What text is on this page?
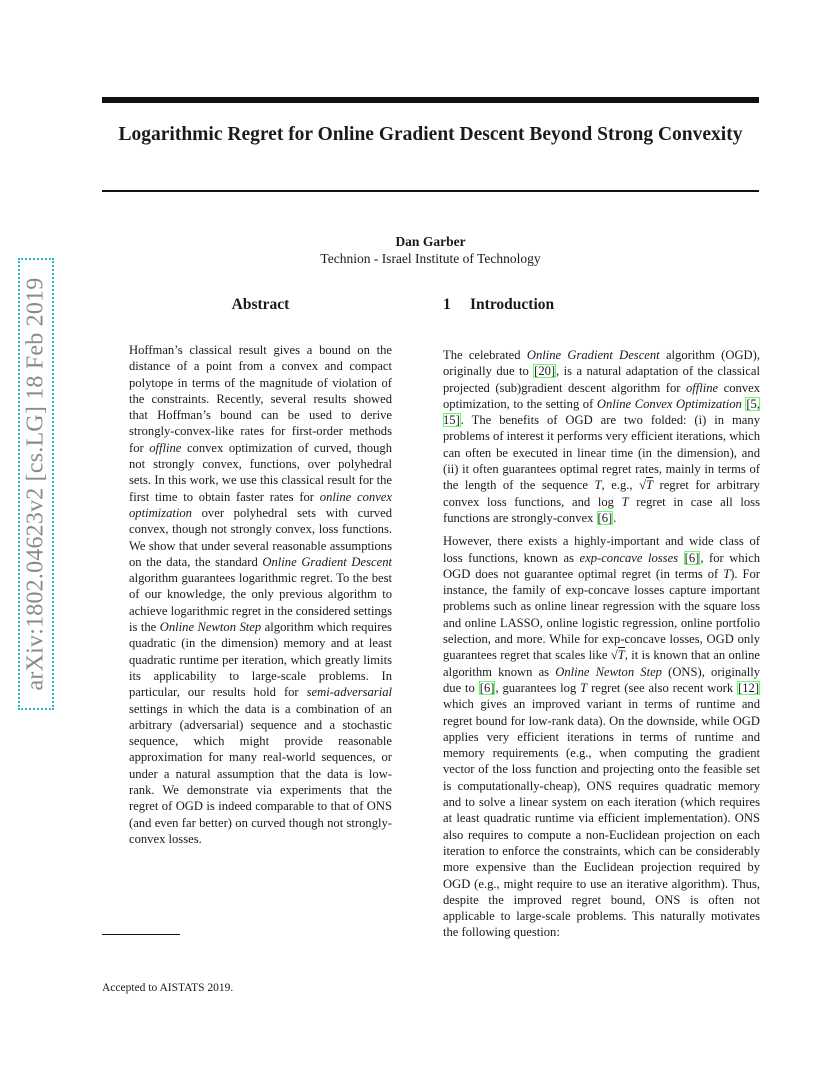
Logarithmic Regret for Online Gradient Descent Beyond Strong Convexity
Dan Garber
Technion - Israel Institute of Technology
arXiv:1802.04623v2 [cs.LG] 18 Feb 2019	Abstract
Hoffman’s classical result gives a bound on the distance of a point from a convex and compact polytope in terms of the magnitude of violation of the constraints. Recently, several results showed that Hoffman’s bound can be used to derive strongly-convex-like rates for first-order methods for offline convex optimization of curved, though not strongly convex, functions, over polyhedral sets. In this work, we use this classical result for the first time to obtain faster rates for online convex optimization over polyhedral sets with curved convex, though not strongly convex, loss functions. We show that under several reasonable assumptions on the data, the standard Online Gradient Descent algorithm guarantees logarithmic regret. To the best of our knowledge, the only previous algorithm to achieve logarithmic regret in the considered settings is the Online Newton Step algorithm which requires quadratic (in the dimension) memory and at least quadratic runtime per iteration, which greatly limits its applicability to large-scale problems. In particular, our results hold for semi-adversarial settings in which the data is a combination of an arbitrary (adversarial) sequence and a stochastic sequence, which might provide reasonable approximation for many real-world sequences, or under a natural assumption that the data is low-rank. We demonstrate via experiments that the regret of OGD is indeed comparable to that of ONS (and even far better) on curved though not strongly-convex losses.
Accepted to AISTATS 2019.
1 Introduction

The celebrated Online Gradient Descent algorithm (OGD), originally due to [20], is a natural adaptation of the classical projected (sub)gradient descent algorithm for offline convex optimization, to the setting of Online Convex Optimization [5, 15]. The benefits of OGD are two folded: (i) in many problems of interest it performs very efficient iterations, which can often be executed in linear time (in the dimension), and (ii) it often guarantees optimal regret rates, mainly in terms of the length of the sequence T, e.g., √T regret for arbitrary convex loss functions, and log T regret in case all loss functions are strongly-convex [6].

However, there exists a highly-important and wide class of loss functions, known as exp-concave losses [6], for which OGD does not guarantee optimal regret (in terms of T). For instance, the family of exp-concave losses capture important problems such as online linear regression with the square loss and online LASSO, online logistic regression, online portfolio selection, and more. While for exp-concave losses, OGD only guarantees regret that scales like √T, it is known that an online algorithm known as Online Newton Step (ONS), originally due to [6], guarantees log T regret (see also recent work [12] which gives an improved variant in terms of runtime and regret bound for low-rank data). On the downside, while OGD applies very efficient iterations in terms of runtime and memory requirements (e.g., when computing the gradient vector of the loss function and projecting onto the feasible set is computationally-cheap), ONS requires quadratic memory and to solve a linear system on each iteration (which requires at least quadratic runtime via efficient implementation). ONS also requires to compute a non-Euclidean projection on each iteration to enforce the constraints, which can be considerably more expensive than the Euclidean projection required by OGD (e.g., might require to use an iterative algorithm). Thus, despite the improved regret bound, ONS is often not applicable to large-scale problems. This naturally motivates the following question:
